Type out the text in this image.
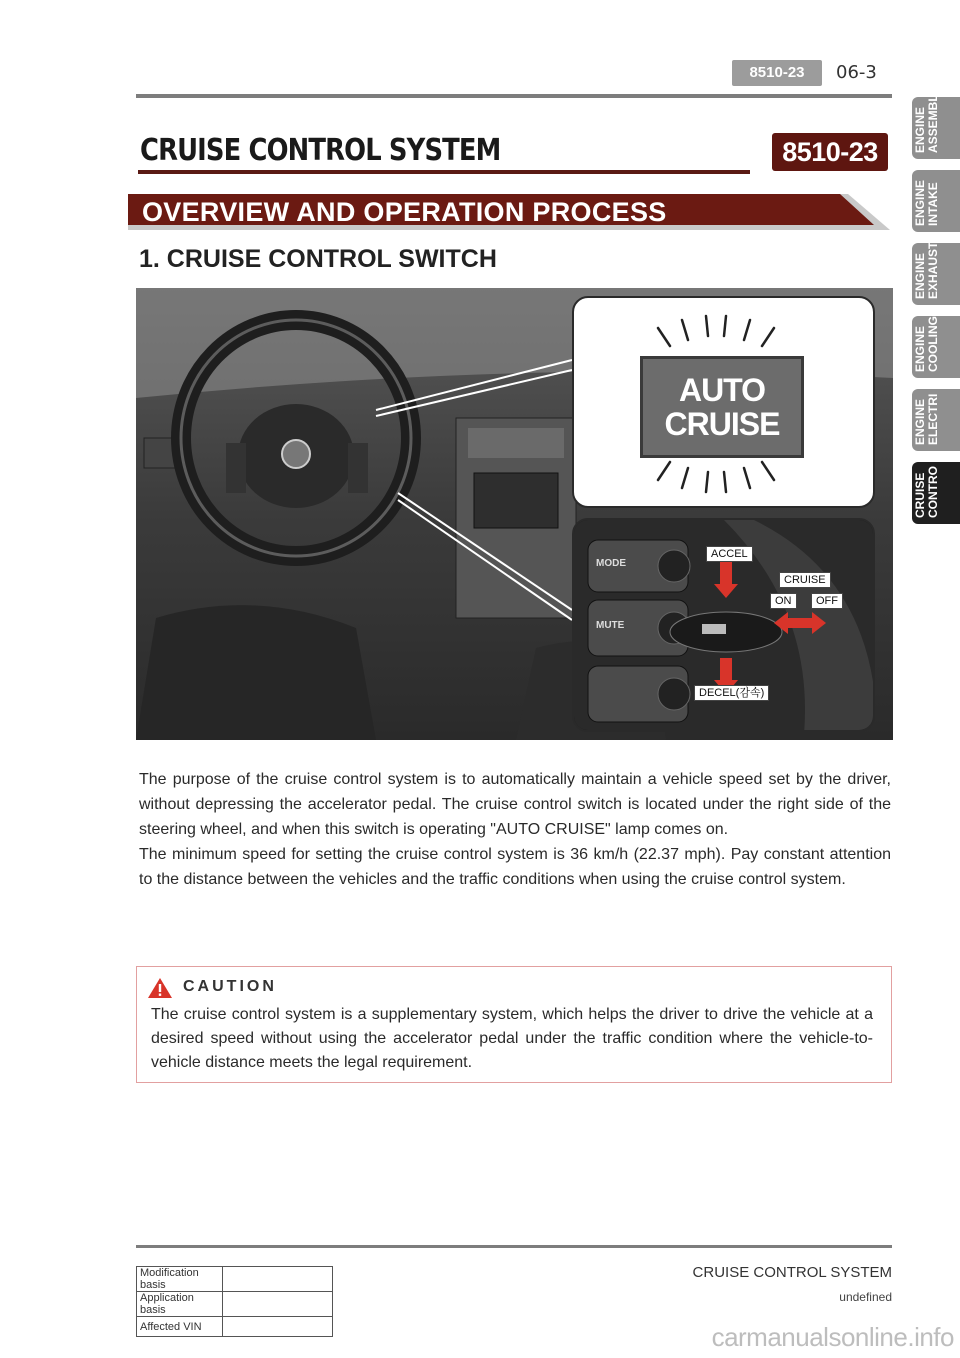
8510-23	06-3
CRUISE CONTROL SYSTEM	8510-23
OVERVIEW AND OPERATION PROCESS
1. CRUISE CONTROL SWITCH
AUTO
CRUISE
MODE
MUTE
ACCEL
CRUISE
ON	OFF
DECEL(감속)

The purpose of the cruise control system is to automatically maintain a vehicle speed set by the driver, without depressing the accelerator pedal. The cruise control switch is located under the right side of the steering wheel, and when this switch is operating "AUTO CRUISE" lamp comes on.

The minimum speed for setting the cruise control system is 36 km/h (22.37 mph). Pay constant attention to the distance between the vehicles and the traffic conditions when using the cruise control system.

CAUTION
The cruise control system is a supplementary system, which helps the driver to drive the vehicle at a desired speed without using the accelerator pedal under the traffic condition where the vehicle-to-vehicle distance meets the legal requirement.
ENGINE
ASSEMBL
ENGINE
INTAKE
ENGINE
EXHAUST
ENGINE
COOLING
ENGINE
ELECTRI
CRUISE
CONTRO
CRUISE CONTROL SYSTEM
undefined
Modification basis	
Application basis	
Affected VIN		carmanualsonline.info
